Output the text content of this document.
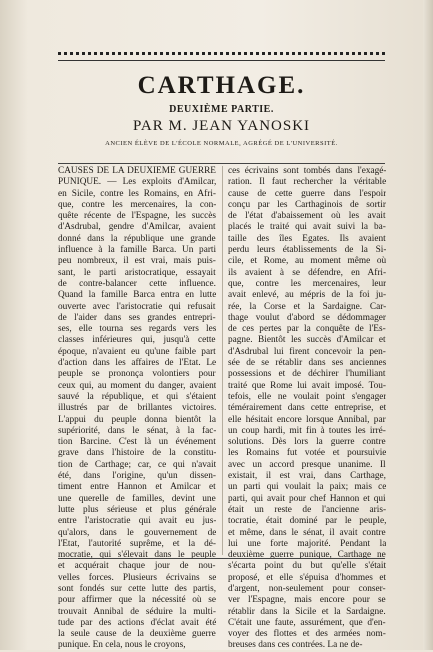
CARTHAGE.
DEUXIÈME PARTIE.
PAR M. JEAN YANOSKI
ANCIEN ÉLÈVE DE L'ÉCOLE NORMALE, AGRÉGÉ DE L'UNIVERSITÉ.
CAUSES DE LA DEUXIÈME GUERRE
PUNIQUE. — Les exploits d'Amilcar,
en Sicile, contre les Romains, en Afri-
que, contre les mercenaires, la con-
quête récente de l'Espagne, les succès
d'Asdrubal, gendre d'Amilcar, avaient
donné dans la république une grande
influence à la famille Barca. Un parti
peu nombreux, il est vrai, mais puis-
sant, le parti aristocratique, essayait
de contre-balancer cette influence.
Quand la famille Barca entra en lutte
ouverte avec l'aristocratie qui refusait
de l'aider dans ses grandes entrepri-
ses, elle tourna ses regards vers les
classes inférieures qui, jusqu'à cette
époque, n'avaient eu qu'une faible part
d'action dans les affaires de l'État. Le
peuple se prononça volontiers pour
ceux qui, au moment du danger, avaient
sauvé la république, et qui s'étaient
illustrés par de brillantes victoires.
L'appui du peuple donna bientôt la
supériorité, dans le sénat, à la fac-
tion Barcine. C'est là un événement
grave dans l'histoire de la constitu-
tion de Carthage; car, ce qui n'avait
été, dans l'origine, qu'un dissen-
timent entre Hannon et Amilcar et
une querelle de familles, devint une
lutte plus sérieuse et plus générale
entre l'aristocratie qui avait eu jus-
qu'alors, dans le gouvernement de
l'État, l'autorité suprême, et la dé-
mocratie, qui s'élevait dans le peuple
et acquérait chaque jour de nou-
velles forces. Plusieurs écrivains se
sont fondés sur cette lutte des partis,
pour affirmer que la nécessité où se
trouvait Annibal de séduire la multi-
tude par des actions d'éclat avait été
la seule cause de la deuxième guerre
punique. En cela, nous le croyons,
ces écrivains sont tombés dans l'exagé-
ration. Il faut rechercher la véritable
cause de cette guerre dans l'espoir
conçu par les Carthaginois de sortir
de l'état d'abaissement où les avait
placés le traité qui avait suivi la ba-
taille des îles Égates. Ils avaient
perdu leurs établissements de la Si-
cile, et Rome, au moment même où
ils avaient à se défendre, en Afri-
que, contre les mercenaires, leur
avait enlevé, au mépris de la foi ju-
rée, la Corse et la Sardaigne. Car-
thage voulut d'abord se dédommager
de ces pertes par la conquête de l'Es-
pagne. Bientôt les succès d'Amilcar et
d'Asdrubal lui firent concevoir la pen-
sée de se rétablir dans ses anciennes
possessions et de déchirer l'humiliant
traité que Rome lui avait imposé. Tou-
tefois, elle ne voulait point s'engager
témérairement dans cette entreprise, et
elle hésitait encore lorsque Annibal, par
un coup hardi, mit fin à toutes les irré-
solutions. Dès lors la guerre contre
les Romains fut votée et poursuivie
avec un accord presque unanime. Il
existait, il est vrai, dans Carthage,
un parti qui voulait la paix; mais ce
parti, qui avait pour chef Hannon et qui
était un reste de l'ancienne aris-
tocratie, était dominé par le peuple,
et même, dans le sénat, il avait contre
lui une forte majorité. Pendant la
deuxième guerre punique, Carthage ne
s'écarta point du but qu'elle s'était
proposé, et elle s'épuisa d'hommes et
d'argent, non-seulement pour conser-
ver l'Espagne, mais encore pour se
rétablir dans la Sicile et la Sardaigne.
C'était une faute, assurément, que d'en-
voyer des flottes et des armées nom-
breuses dans ces contrées. La ne de-
